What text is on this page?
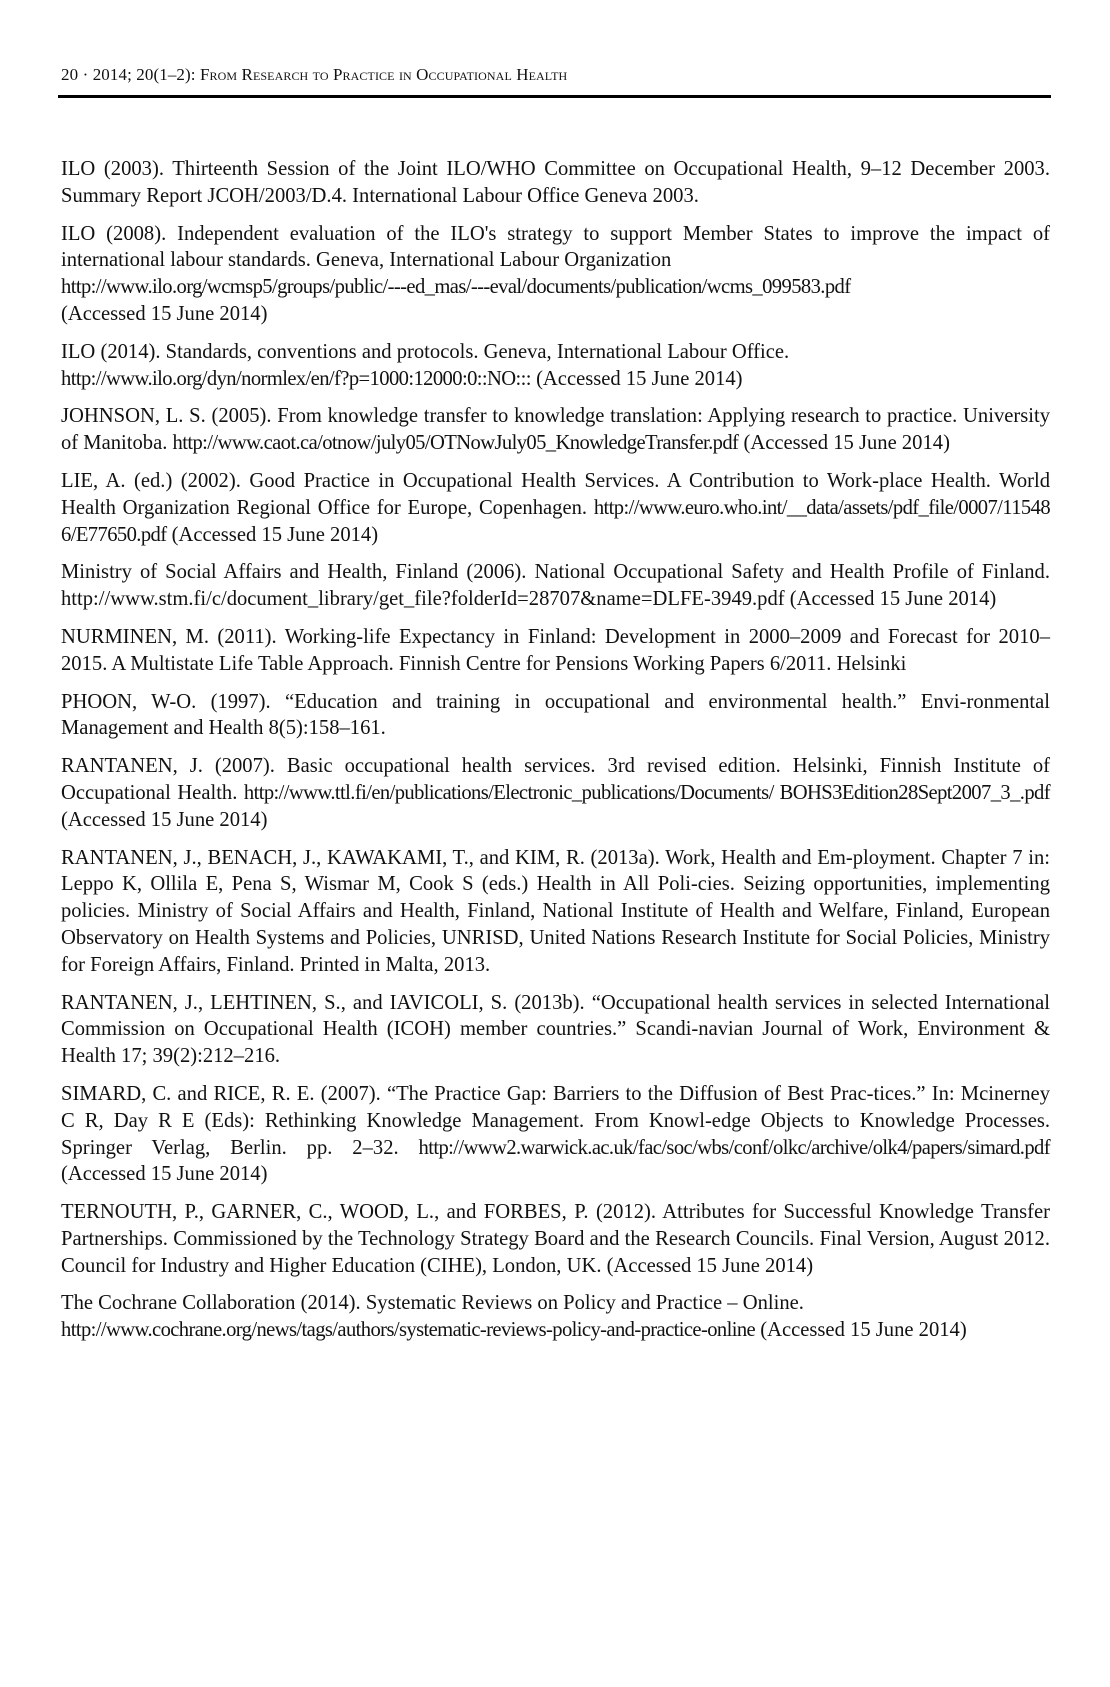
20 · 2014; 20(1–2): From Research to Practice in Occupational Health

ILO (2003). Thirteenth Session of the Joint ILO/WHO Committee on Occupational Health, 9–12 December 2003. Summary Report JCOH/2003/D.4. International Labour Office Geneva 2003.

ILO (2008). Independent evaluation of the ILO's strategy to support Member States to improve the impact of international labour standards. Geneva, International Labour Organization
http://www.ilo.org/wcmsp5/groups/public/---ed_mas/---eval/documents/publication/wcms_099583.pdf
(Accessed 15 June 2014)

ILO (2014). Standards, conventions and protocols. Geneva, International Labour Office.
http://www.ilo.org/dyn/normlex/en/f?p=1000:12000:0::NO::: (Accessed 15 June 2014)

JOHNSON, L. S. (2005). From knowledge transfer to knowledge translation: Applying research to practice. University of Manitoba. http://www.caot.ca/otnow/july05/OTNowJuly05_KnowledgeTransfer.pdf (Accessed 15 June 2014)

LIE, A. (ed.) (2002). Good Practice in Occupational Health Services. A Contribution to Work-place Health. World Health Organization Regional Office for Europe, Copenhagen. http://www.euro.who.int/__data/assets/pdf_file/0007/115486/E77650.pdf (Accessed 15 June 2014)

Ministry of Social Affairs and Health, Finland (2006). National Occupational Safety and Health Profile of Finland. http://www.stm.fi/c/document_library/get_file?folderId=28707&name=DLFE-3949.pdf (Accessed 15 June 2014)

NURMINEN, M. (2011). Working-life Expectancy in Finland: Development in 2000–2009 and Forecast for 2010–2015. A Multistate Life Table Approach. Finnish Centre for Pensions Working Papers 6/2011. Helsinki

PHOON, W-O. (1997). “Education and training in occupational and environmental health.” Envi-ronmental Management and Health 8(5):158–161.

RANTANEN, J. (2007). Basic occupational health services. 3rd revised edition. Helsinki, Finnish Institute of Occupational Health. http://www.ttl.fi/en/publications/Electronic_publications/Documents/ BOHS3Edition28Sept2007_3_.pdf (Accessed 15 June 2014)

RANTANEN, J., BENACH, J., KAWAKAMI, T., and KIM, R. (2013a). Work, Health and Em-ployment. Chapter 7 in: Leppo K, Ollila E, Pena S, Wismar M, Cook S (eds.) Health in All Poli-cies. Seizing opportunities, implementing policies. Ministry of Social Affairs and Health, Finland, National Institute of Health and Welfare, Finland, European Observatory on Health Systems and Policies, UNRISD, United Nations Research Institute for Social Policies, Ministry for Foreign Affairs, Finland. Printed in Malta, 2013.

RANTANEN, J., LEHTINEN, S., and IAVICOLI, S. (2013b). “Occupational health services in selected International Commission on Occupational Health (ICOH) member countries.” Scandi-navian Journal of Work, Environment & Health 17; 39(2):212–216.

SIMARD, C. and RICE, R. E. (2007). “The Practice Gap: Barriers to the Diffusion of Best Prac-tices.” In: Mcinerney C R, Day R E (Eds): Rethinking Knowledge Management. From Knowl-edge Objects to Knowledge Processes. Springer Verlag, Berlin. pp. 2–32. http://www2.warwick.ac.uk/fac/soc/wbs/conf/olkc/archive/olk4/papers/simard.pdf (Accessed 15 June 2014)

TERNOUTH, P., GARNER, C., WOOD, L., and FORBES, P. (2012). Attributes for Successful Knowledge Transfer Partnerships. Commissioned by the Technology Strategy Board and the Research Councils. Final Version, August 2012. Council for Industry and Higher Education (CIHE), London, UK. (Accessed 15 June 2014)

The Cochrane Collaboration (2014). Systematic Reviews on Policy and Practice – Online.
http://www.cochrane.org/news/tags/authors/systematic-reviews-policy-and-practice-online (Accessed 15 June 2014)
